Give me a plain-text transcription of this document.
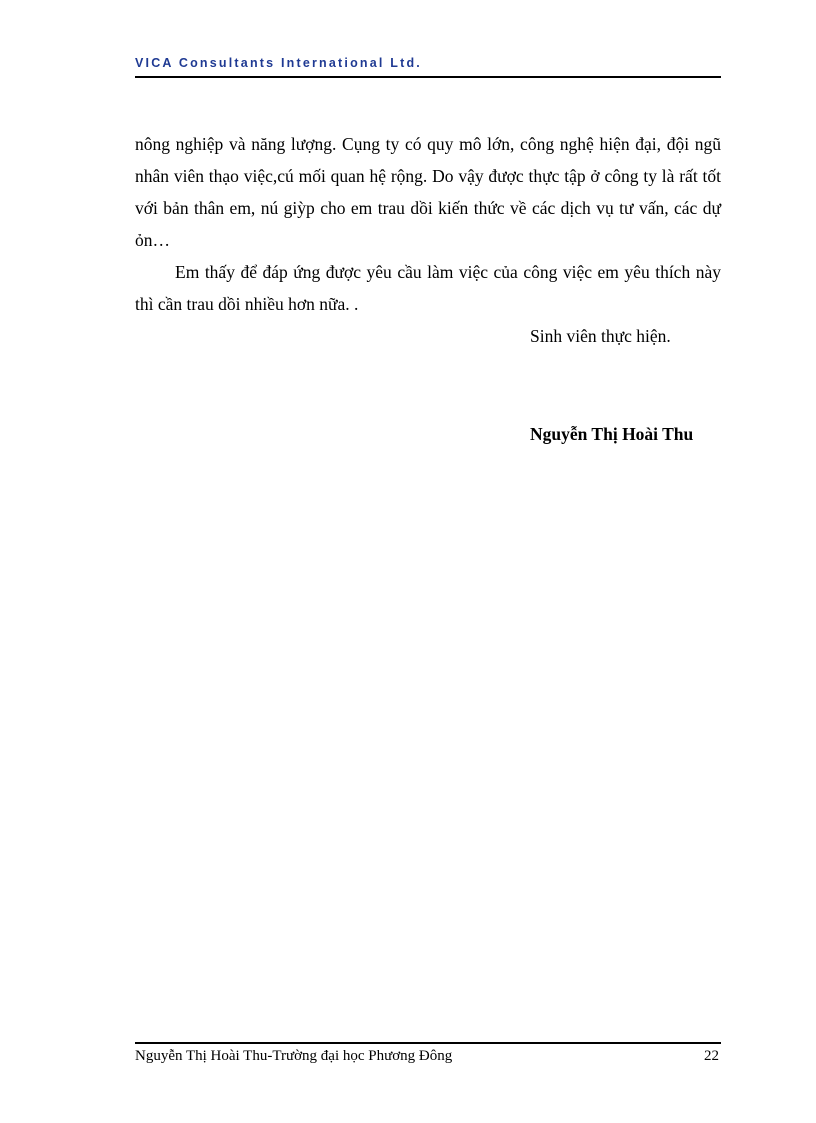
VICA Consultants International Ltd.
nông nghiệp và năng lượng. Cụng ty có quy mô lớn, công nghệ hiện đại, đội ngũ nhân viên thạo việc,cú mối quan hệ rộng. Do vậy được thực tập ở công ty là rất tốt với bản thân em, nú giỳp cho em trau dồi kiến thức về các dịch vụ tư vấn, các dự ỏn…
Em thấy để đáp ứng được yêu cầu làm việc của công việc em yêu thích này thì cần trau dồi nhiều hơn nữa. .
Sinh viên thực hiện.
Nguyễn Thị Hoài Thu
Nguyễn Thị Hoài Thu-Trường đại học Phương Đông	22
